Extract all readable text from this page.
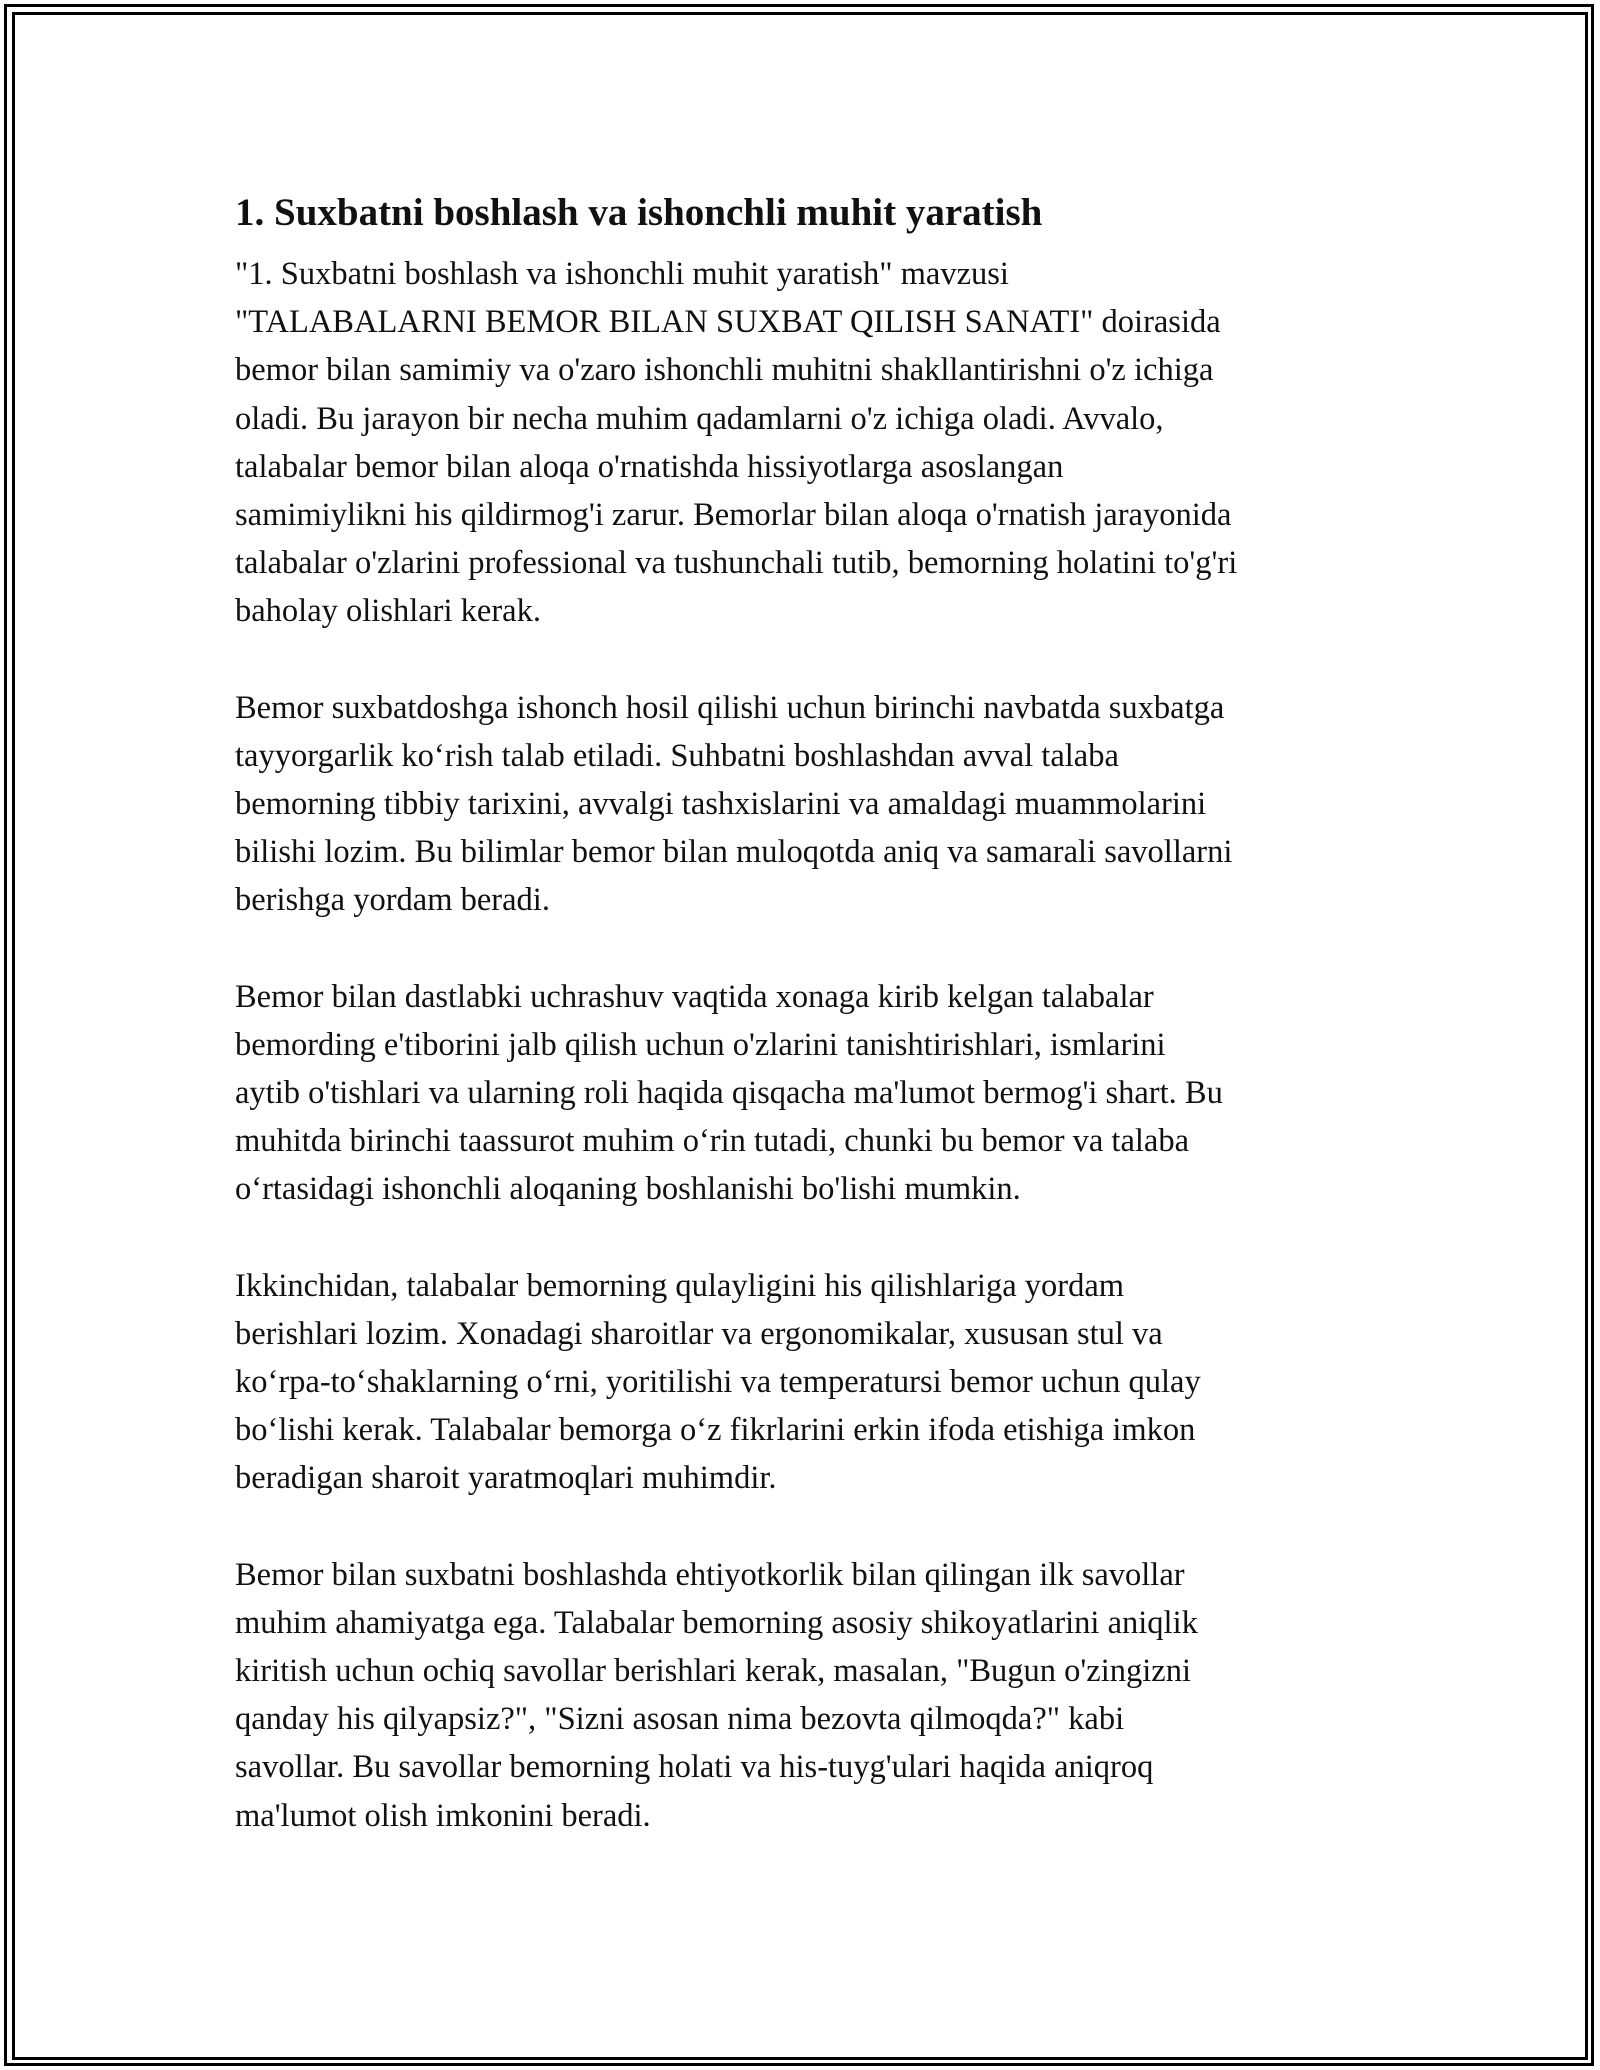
1. Suxbatni boshlash va ishonchli muhit yaratish

"1. Suxbatni boshlash va ishonchli muhit yaratish" mavzusi
"TALABALARNI BEMOR BILAN SUXBAT QILISH SANATI" doirasida
bemor bilan samimiy va o'zaro ishonchli muhitni shakllantirishni o'z ichiga
oladi. Bu jarayon bir necha muhim qadamlarni o'z ichiga oladi. Avvalo,
talabalar bemor bilan aloqa o'rnatishda hissiyotlarga asoslangan
samimiylikni his qildirmog'i zarur. Bemorlar bilan aloqa o'rnatish jarayonida
talabalar o'zlarini professional va tushunchali tutib, bemorning holatini to'g'ri
baholay olishlari kerak.

Bemor suxbatdoshga ishonch hosil qilishi uchun birinchi navbatda suxbatga
tayyorgarlik ko‘rish talab etiladi. Suhbatni boshlashdan avval talaba
bemorning tibbiy tarixini, avvalgi tashxislarini va amaldagi muammolarini
bilishi lozim. Bu bilimlar bemor bilan muloqotda aniq va samarali savollarni
berishga yordam beradi.

Bemor bilan dastlabki uchrashuv vaqtida xonaga kirib kelgan talabalar
bemording e'tiborini jalb qilish uchun o'zlarini tanishtirishlari, ismlarini
aytib o'tishlari va ularning roli haqida qisqacha ma'lumot bermog'i shart. Bu
muhitda birinchi taassurot muhim o‘rin tutadi, chunki bu bemor va talaba
o‘rtasidagi ishonchli aloqaning boshlanishi bo'lishi mumkin.

Ikkinchidan, talabalar bemorning qulayligini his qilishlariga yordam
berishlari lozim. Xonadagi sharoitlar va ergonomikalar, xususan stul va
ko‘rpa-to‘shaklarning o‘rni, yoritilishi va temperatursi bemor uchun qulay
bo‘lishi kerak. Talabalar bemorga o‘z fikrlarini erkin ifoda etishiga imkon
beradigan sharoit yaratmoqlari muhimdir.

Bemor bilan suxbatni boshlashda ehtiyotkorlik bilan qilingan ilk savollar
muhim ahamiyatga ega. Talabalar bemorning asosiy shikoyatlarini aniqlik
kiritish uchun ochiq savollar berishlari kerak, masalan, "Bugun o'zingizni
qanday his qilyapsiz?", "Sizni asosan nima bezovta qilmoqda?" kabi
savollar. Bu savollar bemorning holati va his-tuyg'ulari haqida aniqroq
ma'lumot olish imkonini beradi.
